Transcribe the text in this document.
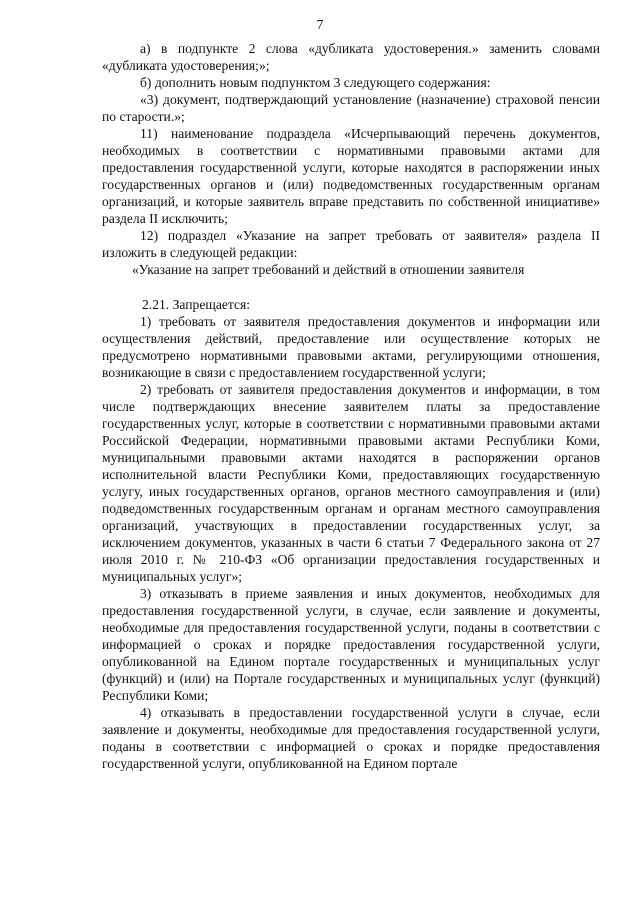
7

а) в подпункте 2 слова «дубликата удостоверения.» заменить словами «дубликата удостоверения;»;

б) дополнить новым подпунктом 3 следующего содержания:

«3) документ, подтверждающий установление (назначение) страховой пенсии по старости.»;

11) наименование подраздела «Исчерпывающий перечень документов, необходимых в соответствии с нормативными правовыми актами для предоставления государственной услуги, которые находятся в распоряжении иных государственных органов и (или) подведомственных государственным органам организаций, и которые заявитель вправе представить по собственной инициативе» раздела II исключить;

12) подраздел «Указание на запрет требовать от заявителя» раздела II изложить в следующей редакции:

«Указание на запрет требований и действий в отношении заявителя

2.21. Запрещается:

1) требовать от заявителя предоставления документов и информации или осуществления действий, предоставление или осуществление которых не предусмотрено нормативными правовыми актами, регулирующими отношения, возникающие в связи с предоставлением государственной услуги;

2) требовать от заявителя предоставления документов и информации, в том числе подтверждающих внесение заявителем платы за предоставление государственных услуг, которые в соответствии с нормативными правовыми актами Российской Федерации, нормативными правовыми актами Республики Коми, муниципальными правовыми актами находятся в распоряжении органов исполнительной власти Республики Коми, предоставляющих государственную услугу, иных государственных органов, органов местного самоуправления и (или) подведомственных государственным органам и органам местного самоуправления организаций, участвующих в предоставлении государственных услуг, за исключением документов, указанных в части 6 статьи 7 Федерального закона от 27 июля 2010 г. № 210-ФЗ «Об организации предоставления государственных и муниципальных услуг»;

3) отказывать в приеме заявления и иных документов, необходимых для предоставления государственной услуги, в случае, если заявление и документы, необходимые для предоставления государственной услуги, поданы в соответствии с информацией о сроках и порядке предоставления государственной услуги, опубликованной на Едином портале государственных и муниципальных услуг (функций) и (или) на Портале государственных и муниципальных услуг (функций) Республики Коми;

4) отказывать в предоставлении государственной услуги в случае, если заявление и документы, необходимые для предоставления государственной услуги, поданы в соответствии с информацией о сроках и порядке предоставления государственной услуги, опубликованной на Едином портале
